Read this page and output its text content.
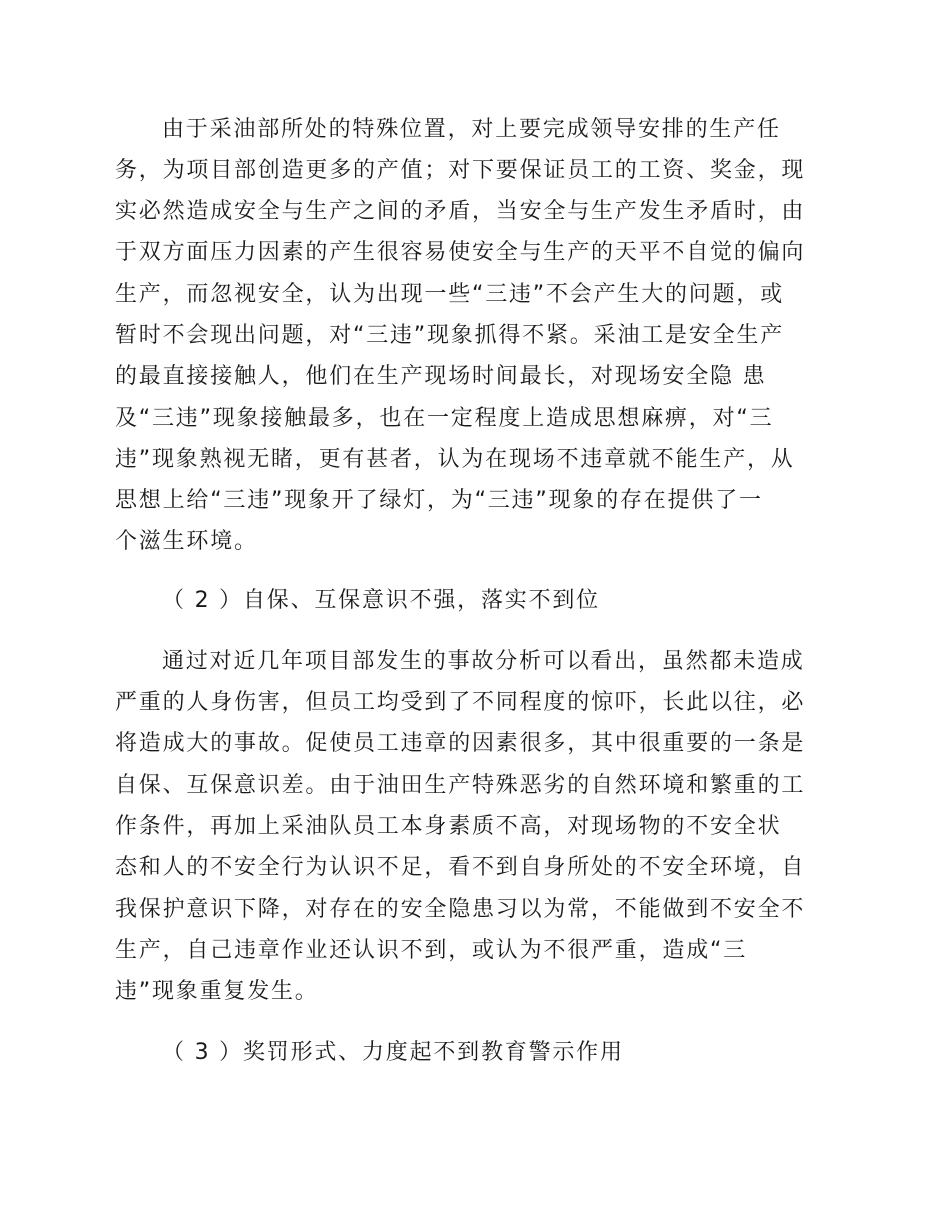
由于采油部所处的特殊位置，对上要完成领导安排的生产任
务，为项目部创造更多的产值；对下要保证员工的工资、奖金，现
实必然造成安全与生产之间的矛盾，当安全与生产发生矛盾时，由
于双方面压力因素的产生很容易使安全与生产的天平不自觉的偏向
生产，而忽视安全，认为出现一些“三违”不会产生大的问题，或
暂时不会现出问题，对“三违”现象抓得不紧。采油工是安全生产
的最直接接触人，他们在生产现场时间最长，对现场安全隐 患
及“三违”现象接触最多，也在一定程度上造成思想麻痹，对“三
违”现象熟视无睹，更有甚者，认为在现场不违章就不能生产，从
思想上给“三违”现象开了绿灯，为“三违”现象的存在提供了一
个滋生环境。
（ 2 ）自保、互保意识不强，落实不到位
通过对近几年项目部发生的事故分析可以看出，虽然都未造成
严重的人身伤害，但员工均受到了不同程度的惊吓，长此以往，必
将造成大的事故。促使员工违章的因素很多，其中很重要的一条是
自保、互保意识差。由于油田生产特殊恶劣的自然环境和繁重的工
作条件，再加上采油队员工本身素质不高，对现场物的不安全状
态和人的不安全行为认识不足，看不到自身所处的不安全环境，自
我保护意识下降，对存在的安全隐患习以为常，不能做到不安全不
生产，自己违章作业还认识不到，或认为不很严重，造成“三
违”现象重复发生。
（ 3 ）奖罚形式、力度起不到教育警示作用
